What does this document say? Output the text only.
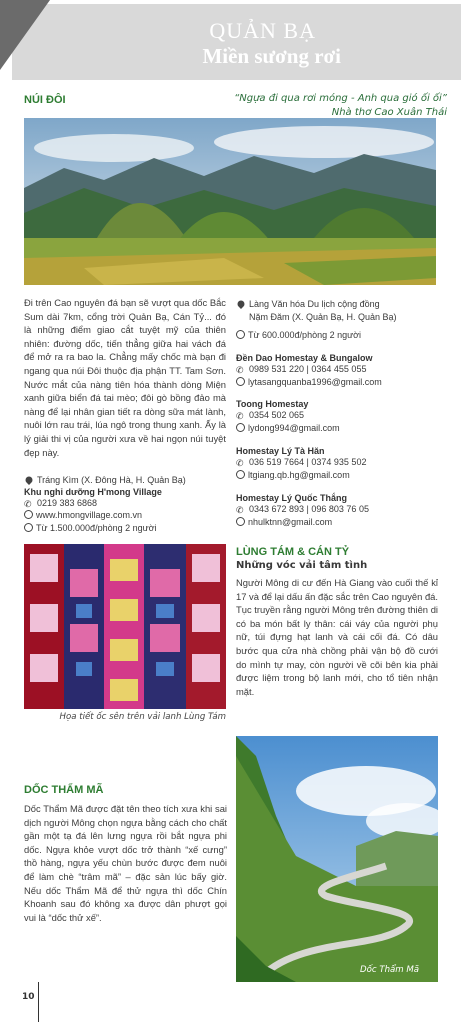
QUẢN BẠ
Miền sương rơi
NÚI ĐÔI	“Ngựa đi qua rơi móng - Anh qua gió ối ối”
Nhà thơ Cao Xuân Thái
Đi trên Cao nguyên đá bạn sẽ vượt qua dốc Bắc Sum dài 7km, cổng trời Quản Bạ, Cán Tỷ... đó là những điểm giao cắt tuyệt mỹ của thiên nhiên: đường dốc, tiến thẳng giữa hai vách đá để mở ra ra bao la. Chẳng mấy chốc mà bạn đi ngang qua núi Đôi thuộc địa phận TT. Tam Sơn. Nước mắt của nàng tiên hóa thành dòng Miện xanh giữa biển đá tai mèo; đôi gò bồng đảo mà nàng để lại nhân gian tiết ra dòng sữa mát lành, nuôi lớn rau trái, lúa ngô trong thung xanh. Ấy là lý giải thi vị của người xưa về hai ngọn núi tuyệt đẹp này.
Tráng Kìm (X. Đông Hà, H. Quản Bạ)
Khu nghỉ dưỡng H'mong Village
✆ 0219 383 6868
www.hmongvillage.com.vn
Từ 1.500.000đ/phòng 2 người
Làng Văn hóa Du lịch cộng đồng
Nặm Đăm (X. Quản Bạ, H. Quản Bạ)
Từ 600.000đ/phòng 2 người
Đền Dao Homestay & Bungalow
✆ 0989 531 220 | 0364 455 055
lytasangquanba1996@gmail.com
Toong Homestay
✆ 0354 502 065
lydong994@gmail.com
Homestay Lý Tà Hăn
✆ 036 519 7664 | 0374 935 502
ltgiang.qb.hg@gmail.com
Homestay Lý Quốc Thắng
✆ 0343 672 893 | 096 803 76 05
nhulktnn@gmail.com
Họa tiết ốc sên trên vải lanh Lùng Tám
LÙNG TÁM & CÁN TỶ
Những vóc vải tâm tình
Người Mông di cư đến Hà Giang vào cuối thế kỉ 17 và để lại dấu ấn đặc sắc trên Cao nguyên đá. Tục truyền rằng người Mông trên đường thiên di có ba món bất ly thân: cái váy của người phụ nữ, túi đựng hạt lanh và cái cối đá. Có dâu bước qua cửa nhà chồng phải vận bộ đồ cưới do mình tự may, còn người về cõi bên kia phải được liệm trong bộ lanh mới, cho tổ tiên nhận mặt.
DỐC THẨM MÃ
Dốc Thẩm Mã được đặt tên theo tích xưa khi sai dịch người Mông chọn ngựa bằng cách cho chất gần một tạ đá lên lưng ngựa rồi bắt ngựa phi dốc. Ngựa khỏe vượt dốc trở thành “xế cưng” thồ hàng, ngựa yếu chùn bước được đem nuôi để làm chè “trâm mã” – đặc sản lúc bấy giờ. Nếu dốc Thẩm Mã để thử ngựa thì dốc Chín Khoanh sau đó không xa được dân phượt gọi vui là “dốc thử xế”.
Dốc Thẩm Mã
10
